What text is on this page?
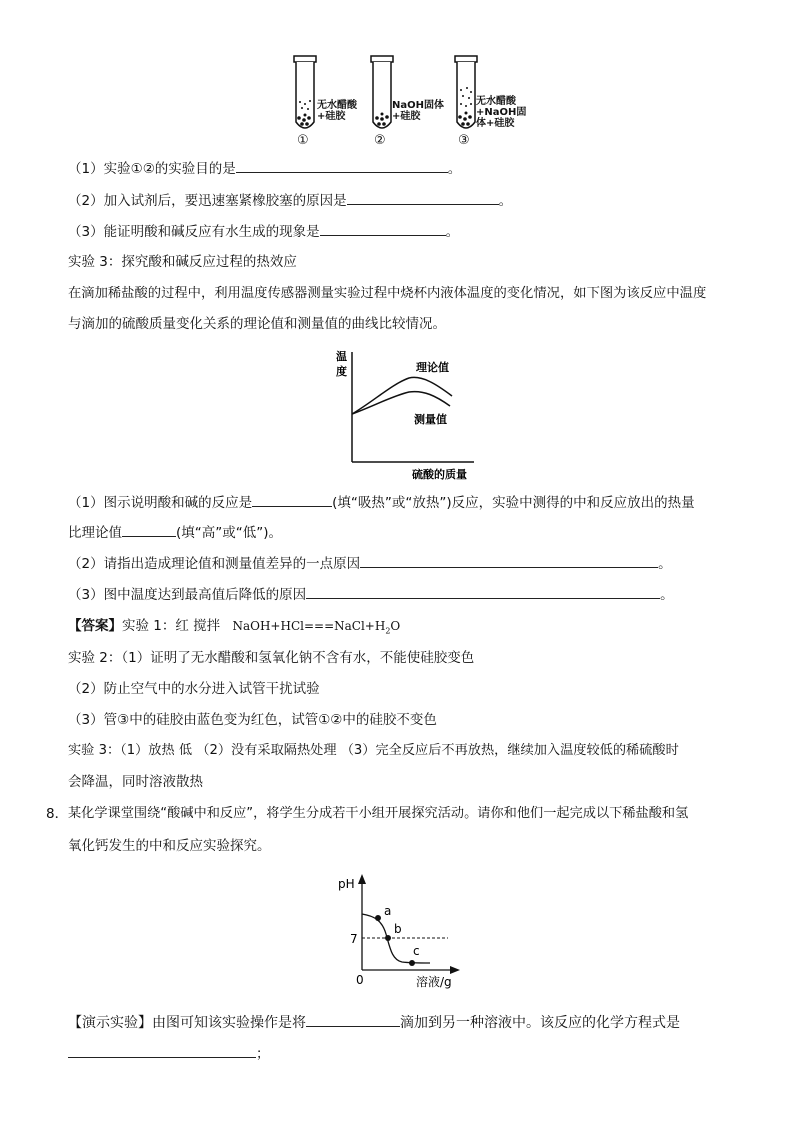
无水醋酸
+硅胶
NaOH固体
+硅胶
无水醋酸
+NaOH固
体+硅胶
①	②	③
（1）实验①②的实验目的是	。
（2）加入试剂后，要迅速塞紧橡胶塞的原因是	。
（3）能证明酸和碱反应有水生成的现象是	。
实验 3：探究酸和碱反应过程的热效应
在滴加稀盐酸的过程中，利用温度传感器测量实验过程中烧杯内液体温度的变化情况，如下图为该反应中温度
与滴加的硫酸质量变化关系的理论值和测量值的曲线比较情况。
温
度	理论值
测量值
硫酸的质量
（1）图示说明酸和碱的反应是	(填“吸热”或“放热”)反应，实验中测得的中和反应放出的热量
比理论值	(填“高”或“低”)。
（2）请指出造成理论值和测量值差异的一点原因	。
（3）图中温度达到最高值后降低的原因	。
【答案】实验 1：红 搅拌 $NaOH+HCl===NaCl+H_2O$
实验 2：（1）证明了无水醋酸和氢氧化钠不含有水，不能使硅胶变色
（2）防止空气中的水分进入试管干扰试验
（3）管③中的硅胶由蓝色变为红色，试管①②中的硅胶不变色
实验 3：（1）放热 低 （2）没有采取隔热处理 （3）完全反应后不再放热，继续加入温度较低的稀硫酸时
会降温，同时溶液散热
8． 某化学课堂围绕“酸碱中和反应”，将学生分成若干小组开展探究活动。请你和他们一起完成以下稀盐酸和氢
氧化钙发生的中和反应实验探究。
pH
7
0	溶液/g
a
b
c
【演示实验】由图可知该实验操作是将	滴加到另一种溶液中。该反应的化学方程式是
；
